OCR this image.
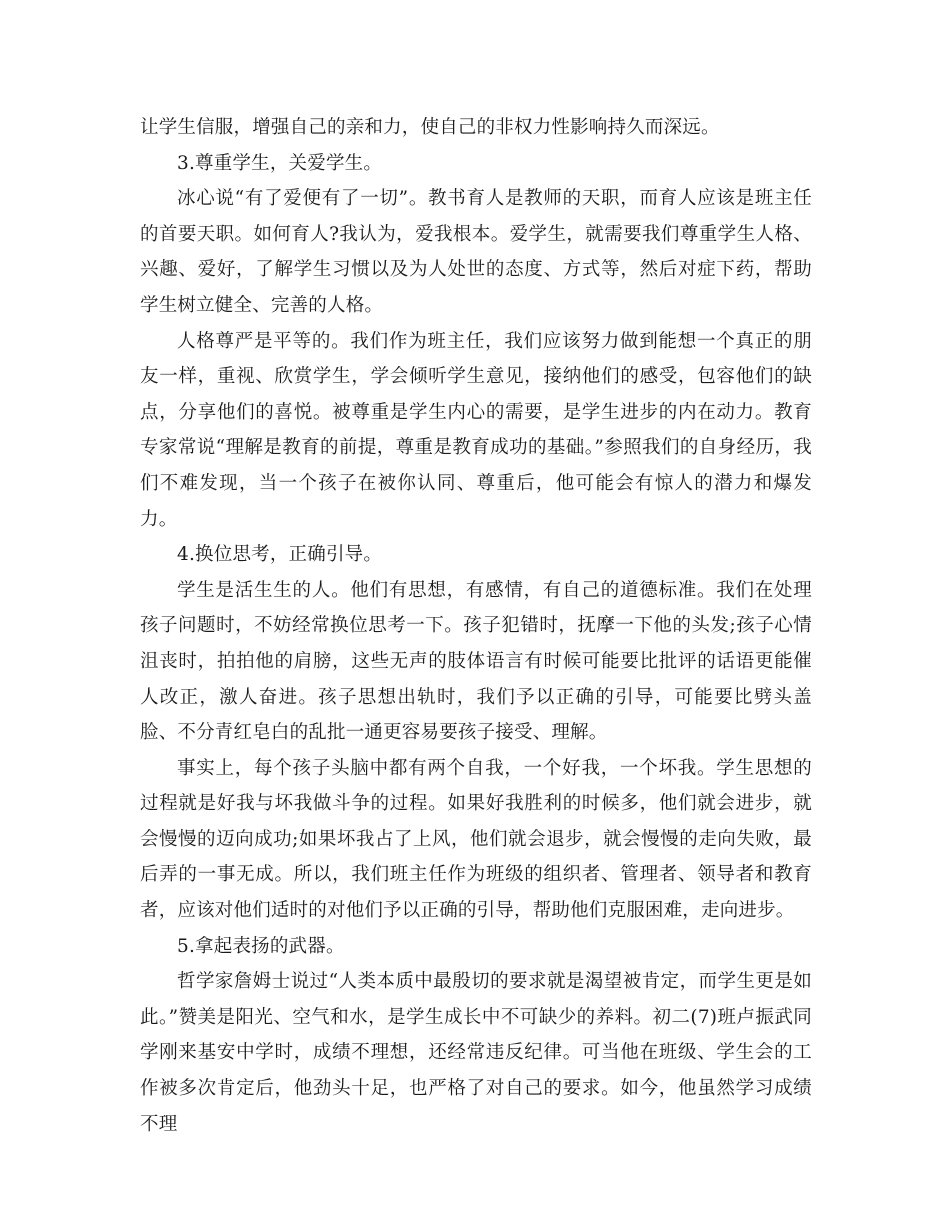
让学生信服，增强自己的亲和力，使自己的非权力性影响持久而深远。

3.尊重学生，关爱学生。

冰心说“有了爱便有了一切”。教书育人是教师的天职，而育人应该是班主任的首要天职。如何育人?我认为，爱我根本。爱学生，就需要我们尊重学生人格、兴趣、爱好，了解学生习惯以及为人处世的态度、方式等，然后对症下药，帮助学生树立健全、完善的人格。

人格尊严是平等的。我们作为班主任，我们应该努力做到能想一个真正的朋友一样，重视、欣赏学生，学会倾听学生意见，接纳他们的感受，包容他们的缺点，分享他们的喜悦。被尊重是学生内心的需要，是学生进步的内在动力。教育专家常说“理解是教育的前提，尊重是教育成功的基础。”参照我们的自身经历，我们不难发现，当一个孩子在被你认同、尊重后，他可能会有惊人的潜力和爆发力。

4.换位思考，正确引导。

学生是活生生的人。他们有思想，有感情，有自己的道德标准。我们在处理孩子问题时，不妨经常换位思考一下。孩子犯错时，抚摩一下他的头发;孩子心情沮丧时，拍拍他的肩膀，这些无声的肢体语言有时候可能要比批评的话语更能催人改正，激人奋进。孩子思想出轨时，我们予以正确的引导，可能要比劈头盖脸、不分青红皂白的乱批一通更容易要孩子接受、理解。

事实上，每个孩子头脑中都有两个自我，一个好我，一个坏我。学生思想的过程就是好我与坏我做斗争的过程。如果好我胜利的时候多，他们就会进步，就会慢慢的迈向成功;如果坏我占了上风，他们就会退步，就会慢慢的走向失败，最后弄的一事无成。所以，我们班主任作为班级的组织者、管理者、领导者和教育者，应该对他们适时的对他们予以正确的引导，帮助他们克服困难，走向进步。

5.拿起表扬的武器。

哲学家詹姆士说过“人类本质中最殷切的要求就是渴望被肯定，而学生更是如此。”赞美是阳光、空气和水，是学生成长中不可缺少的养料。初二(7)班卢振武同学刚来基安中学时，成绩不理想，还经常违反纪律。可当他在班级、学生会的工作被多次肯定后，他劲头十足，也严格了对自己的要求。如今，他虽然学习成绩不理
